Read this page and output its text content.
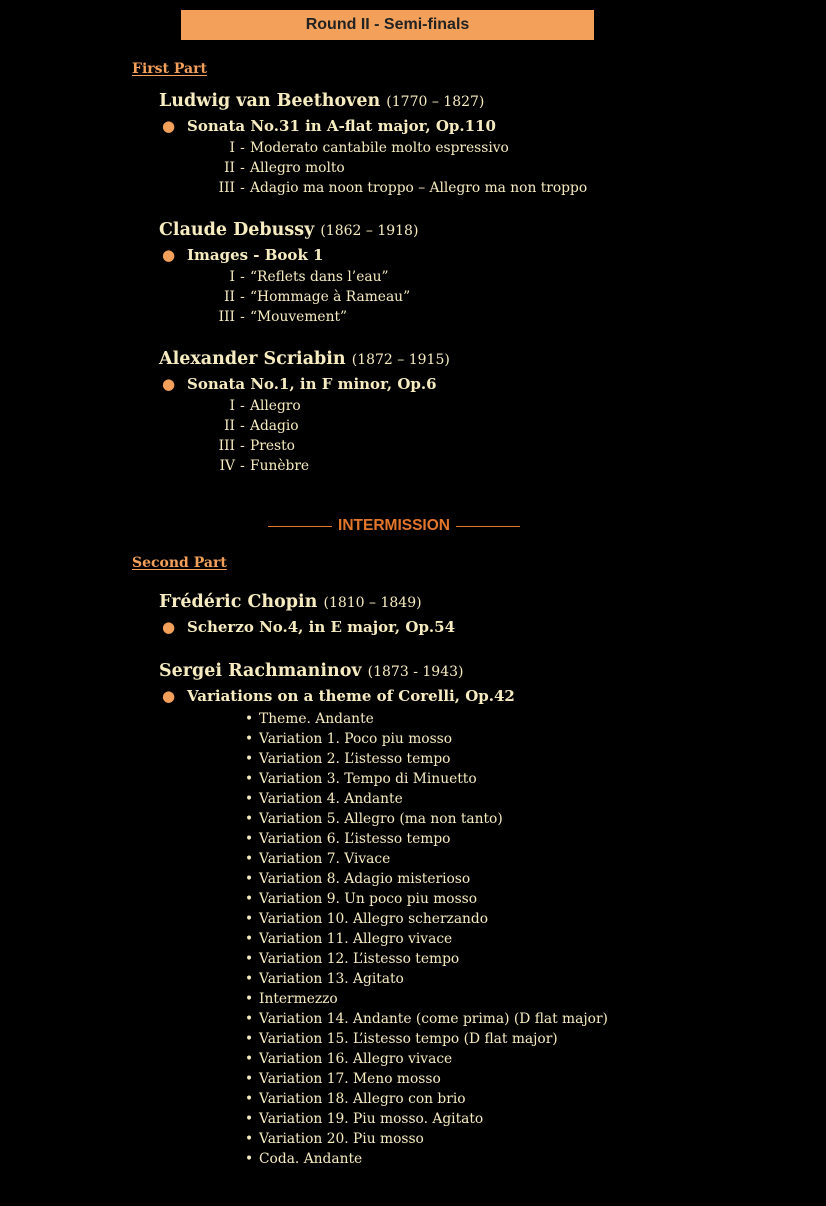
Round II - Semi-finals
First Part
Ludwig van Beethoven (1770 – 1827)
● Sonata No.31 in A-flat major, Op.110
I - Moderato cantabile molto espressivo
II - Allegro molto
III - Adagio ma noon troppo – Allegro ma non troppo
Claude Debussy (1862 – 1918)
● Images - Book 1
I - “Reflets dans l’eau”
II - “Hommage à Rameau”
III - “Mouvement”
Alexander Scriabin (1872 – 1915)
● Sonata No.1, in F minor, Op.6
I - Allegro
II - Adagio
III - Presto
IV - Funèbre
INTERMISSION
Second Part
Frédéric Chopin (1810 – 1849)
● Scherzo No.4, in E major, Op.54
Sergei Rachmaninov (1873 - 1943)
● Variations on a theme of Corelli, Op.42
• Theme. Andante
• Variation 1. Poco piu mosso
• Variation 2. L’istesso tempo
• Variation 3. Tempo di Minuetto
• Variation 4. Andante
• Variation 5. Allegro (ma non tanto)
• Variation 6. L’istesso tempo
• Variation 7. Vivace
• Variation 8. Adagio misterioso
• Variation 9. Un poco piu mosso
• Variation 10. Allegro scherzando
• Variation 11. Allegro vivace
• Variation 12. L’istesso tempo
• Variation 13. Agitato
• Intermezzo
• Variation 14. Andante (come prima) (D flat major)
• Variation 15. L’istesso tempo (D flat major)
• Variation 16. Allegro vivace
• Variation 17. Meno mosso
• Variation 18. Allegro con brio
• Variation 19. Piu mosso. Agitato
• Variation 20. Piu mosso
• Coda. Andante
